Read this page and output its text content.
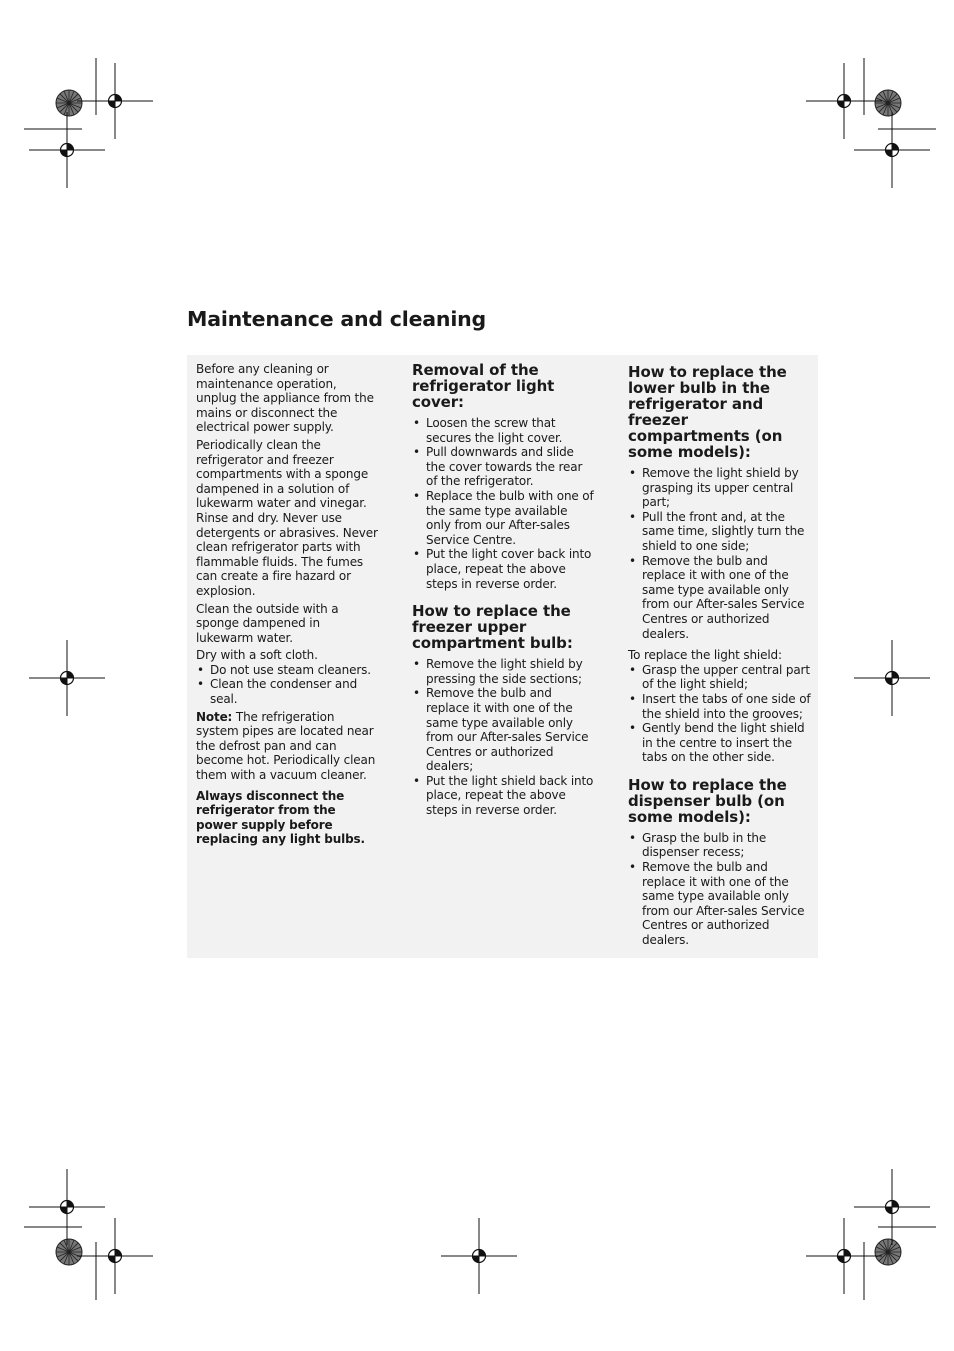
Maintenance and cleaning

Before any cleaning or maintenance operation, unplug the appliance from the mains or disconnect the electrical power supply.

Periodically clean the refrigerator and freezer compartments with a sponge dampened in a solution of lukewarm water and vinegar. Rinse and dry. Never use detergents or abrasives. Never clean refrigerator parts with flammable fluids. The fumes can create a fire hazard or explosion.

Clean the outside with a sponge dampened in lukewarm water.

Dry with a soft cloth.

• Do not use steam cleaners.
• Clean the condenser and seal.

Note: The refrigeration system pipes are located near the defrost pan and can become hot. Periodically clean them with a vacuum cleaner.

Always disconnect the refrigerator from the power supply before replacing any light bulbs.

Removal of the refrigerator light cover:
• Loosen the screw that secures the light cover.
• Pull downwards and slide the cover towards the rear of the refrigerator.
• Replace the bulb with one of the same type available only from our After-sales Service Centre.
• Put the light cover back into place, repeat the above steps in reverse order.
How to replace the freezer upper compartment bulb:
• Remove the light shield by pressing the side sections;
• Remove the bulb and replace it with one of the same type available only from our After-sales Service Centres or authorized dealers;
• Put the light shield back into place, repeat the above steps in reverse order.
How to replace the lower bulb in the refrigerator and freezer compartments (on some models):
• Remove the light shield by grasping its upper central part;
• Pull the front and, at the same time, slightly turn the shield to one side;
• Remove the bulb and replace it with one of the same type available only from our After-sales Service Centres or authorized dealers.

To replace the light shield:

• Grasp the upper central part of the light shield;
• Insert the tabs of one side of the shield into the grooves;
• Gently bend the light shield in the centre to insert the tabs on the other side.
How to replace the dispenser bulb (on some models):
• Grasp the bulb in the dispenser recess;
• Remove the bulb and replace it with one of the same type available only from our After-sales Service Centres or authorized dealers.
